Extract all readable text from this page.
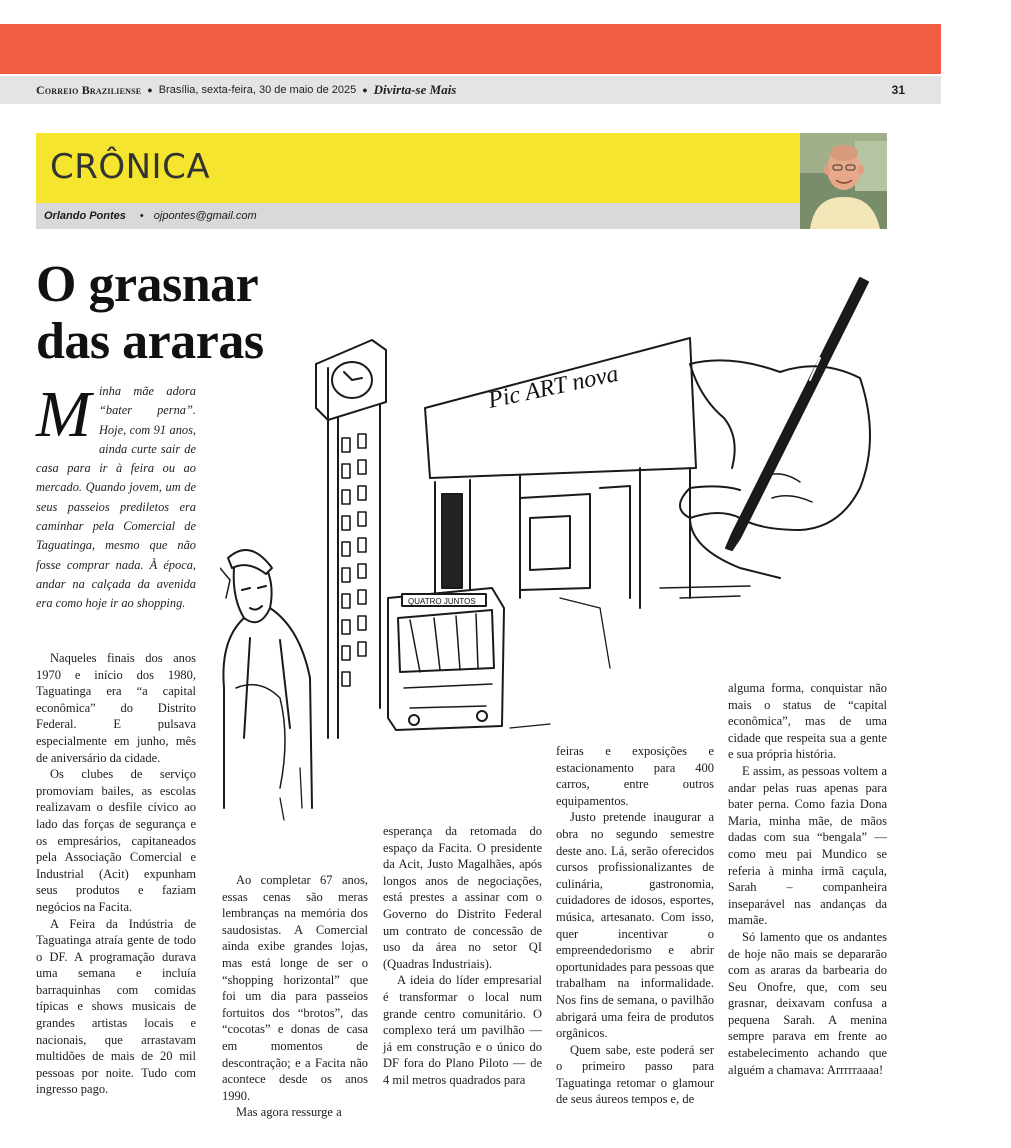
Correio Braziliense ● Brasília, sexta-feira, 30 de maio de 2025 ● Divirta-se Mais	31
CRÔNICA
Orlando Pontes • ojpontes@gmail.com
O grasnar das araras
Minha mãe adora “bater perna”. Hoje, com 91 anos, ainda curte sair de casa para ir à feira ou ao mercado. Quando jovem, um de seus passeios prediletos era caminhar pela Comercial de Taguatinga, mesmo que não fosse comprar nada. À época, andar na calçada da avenida era como hoje ir ao shopping.
Pic ART nova
QUATRO JUNTOS

Naqueles finais dos anos 1970 e início dos 1980, Taguatinga era “a capital econômica” do Distrito Federal. E pulsava especialmente em junho, mês de aniversário da cidade.

Os clubes de serviço promoviam bailes, as escolas realizavam o desfile cívico ao lado das forças de segurança e os empresários, capitaneados pela Associação Comercial e Industrial (Acit) expunham seus produtos e faziam negócios na Facita.

A Feira da Indústria de Taguatinga atraía gente de todo o DF. A programação durava uma semana e incluía barraquinhas com comidas típicas e shows musicais de grandes artistas locais e nacionais, que arrastavam multidões de mais de 20 mil pessoas por noite. Tudo com ingresso pago.

Ao completar 67 anos, essas cenas são meras lembranças na memória dos saudosistas. A Comercial ainda exibe grandes lojas, mas está longe de ser o “shopping horizontal” que foi um dia para passeios fortuitos dos “brotos”, das “cocotas” e donas de casa em momentos de descontração; e a Facita não acontece desde os anos 1990.

Mas agora ressurge a

esperança da retomada do espaço da Facita. O presidente da Acit, Justo Magalhães, após longos anos de negociações, está prestes a assinar com o Governo do Distrito Federal um contrato de concessão de uso da área no setor QI (Quadras Industriais).

A ideia do líder empresarial é transformar o local num grande centro comunitário. O complexo terá um pavilhão — já em construção e o único do DF fora do Plano Piloto — de 4 mil metros quadrados para

feiras e exposições e estacionamento para 400 carros, entre outros equipamentos.

Justo pretende inaugurar a obra no segundo semestre deste ano. Lá, serão oferecidos cursos profissionalizantes de culinária, gastronomia, cuidadores de idosos, esportes, música, artesanato. Com isso, quer incentivar o empreendedorismo e abrir oportunidades para pessoas que trabalham na informalidade. Nos fins de semana, o pavilhão abrigará uma feira de produtos orgânicos.

Quem sabe, este poderá ser o primeiro passo para Taguatinga retomar o glamour de seus áureos tempos e, de

alguma forma, conquistar não mais o status de “capital econômica”, mas de uma cidade que respeita sua a gente e sua própria história.

E assim, as pessoas voltem a andar pelas ruas apenas para bater perna. Como fazia Dona Maria, minha mãe, de mãos dadas com sua “bengala” — como meu pai Mundico se referia à minha irmã caçula, Sarah – companheira inseparável nas andanças da mamãe.

Só lamento que os andantes de hoje não mais se depararão com as araras da barbearia do Seu Onofre, que, com seu grasnar, deixavam confusa a pequena Sarah. A menina sempre parava em frente ao estabelecimento achando que alguém a chamava: Arrrrraaaa!
